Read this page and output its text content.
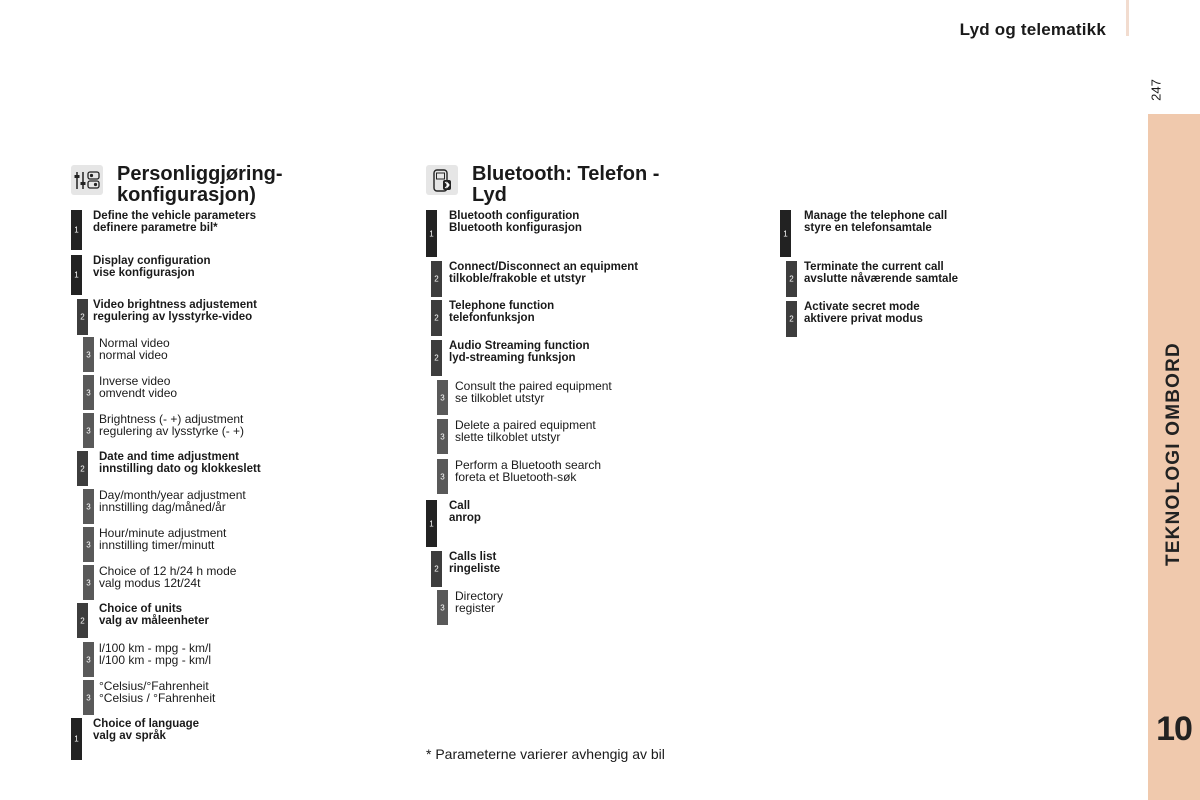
Lyd og telematikk
247
TEKNOLOGI OMBORD
10
Personliggjøring-
konfigurasjon)
1
Define the vehicle parameters
definere parametre bil*
1
Display configuration
vise konfigurasjon
2
Video brightness adjustement
regulering av lysstyrke-video
3
Normal video
normal video
3
Inverse video
omvendt video
3
Brightness (- +) adjustment
regulering av lysstyrke (- +)
2
Date and time adjustment
innstilling dato og klokkeslett
3
Day/month/year adjustment
innstilling dag/måned/år
3
Hour/minute adjustment
innstilling timer/minutt
3
Choice of 12 h/24 h mode
valg modus 12t/24t
2
Choice of units
valg av måleenheter
3
l/100 km - mpg - km/l
l/100 km - mpg - km/l
3
°Celsius/°Fahrenheit
°Celsius / °Fahrenheit
1
Choice of language
valg av språk
Bluetooth: Telefon -
Lyd
1
Bluetooth configuration
Bluetooth konfigurasjon
2
Connect/Disconnect an equipment
tilkoble/frakoble et utstyr
2
Telephone function
telefonfunksjon
2
Audio Streaming function
lyd-streaming funksjon
3
Consult the paired equipment
se tilkoblet utstyr
3
Delete a paired equipment
slette tilkoblet utstyr
3
Perform a Bluetooth search
foreta et Bluetooth-søk
1
Call
anrop
2
Calls list
ringeliste
3
Directory
register
1
Manage the telephone call
styre en telefonsamtale
2
Terminate the current call
avslutte nåværende samtale
2
Activate secret mode
aktivere privat modus
* Parameterne varierer avhengig av bil
